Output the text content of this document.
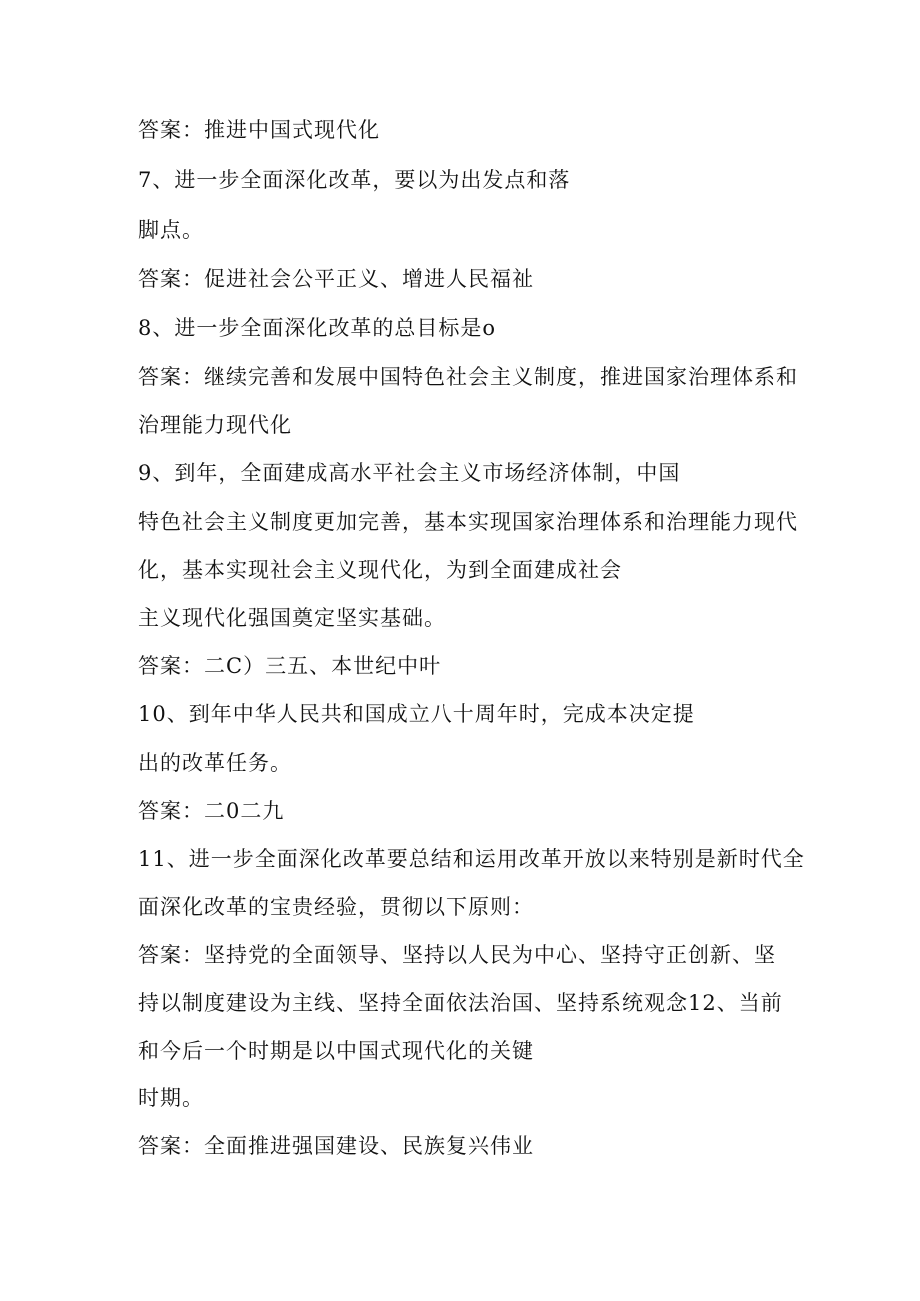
答案：推进中国式现代化
7、进一步全面深化改革，要以为出发点和落
脚点。
答案：促进社会公平正义、增进人民福祉
8、进一步全面深化改革的总目标是o
答案：继续完善和发展中国特色社会主义制度，推进国家治理体系和
治理能力现代化
9、到年，全面建成高水平社会主义市场经济体制，中国
特色社会主义制度更加完善，基本实现国家治理体系和治理能力现代
化，基本实现社会主义现代化，为到全面建成社会
主义现代化强国奠定坚实基础。
答案：二C）三五、本世纪中叶
10、到年中华人民共和国成立八十周年时，完成本决定提
出的改革任务。
答案：二0二九
11、进一步全面深化改革要总结和运用改革开放以来特别是新时代全
面深化改革的宝贵经验，贯彻以下原则：
答案：坚持党的全面领导、坚持以人民为中心、坚持守正创新、坚
持以制度建设为主线、坚持全面依法治国、坚持系统观念12、当前
和今后一个时期是以中国式现代化的关键
时期。
答案：全面推进强国建设、民族复兴伟业
